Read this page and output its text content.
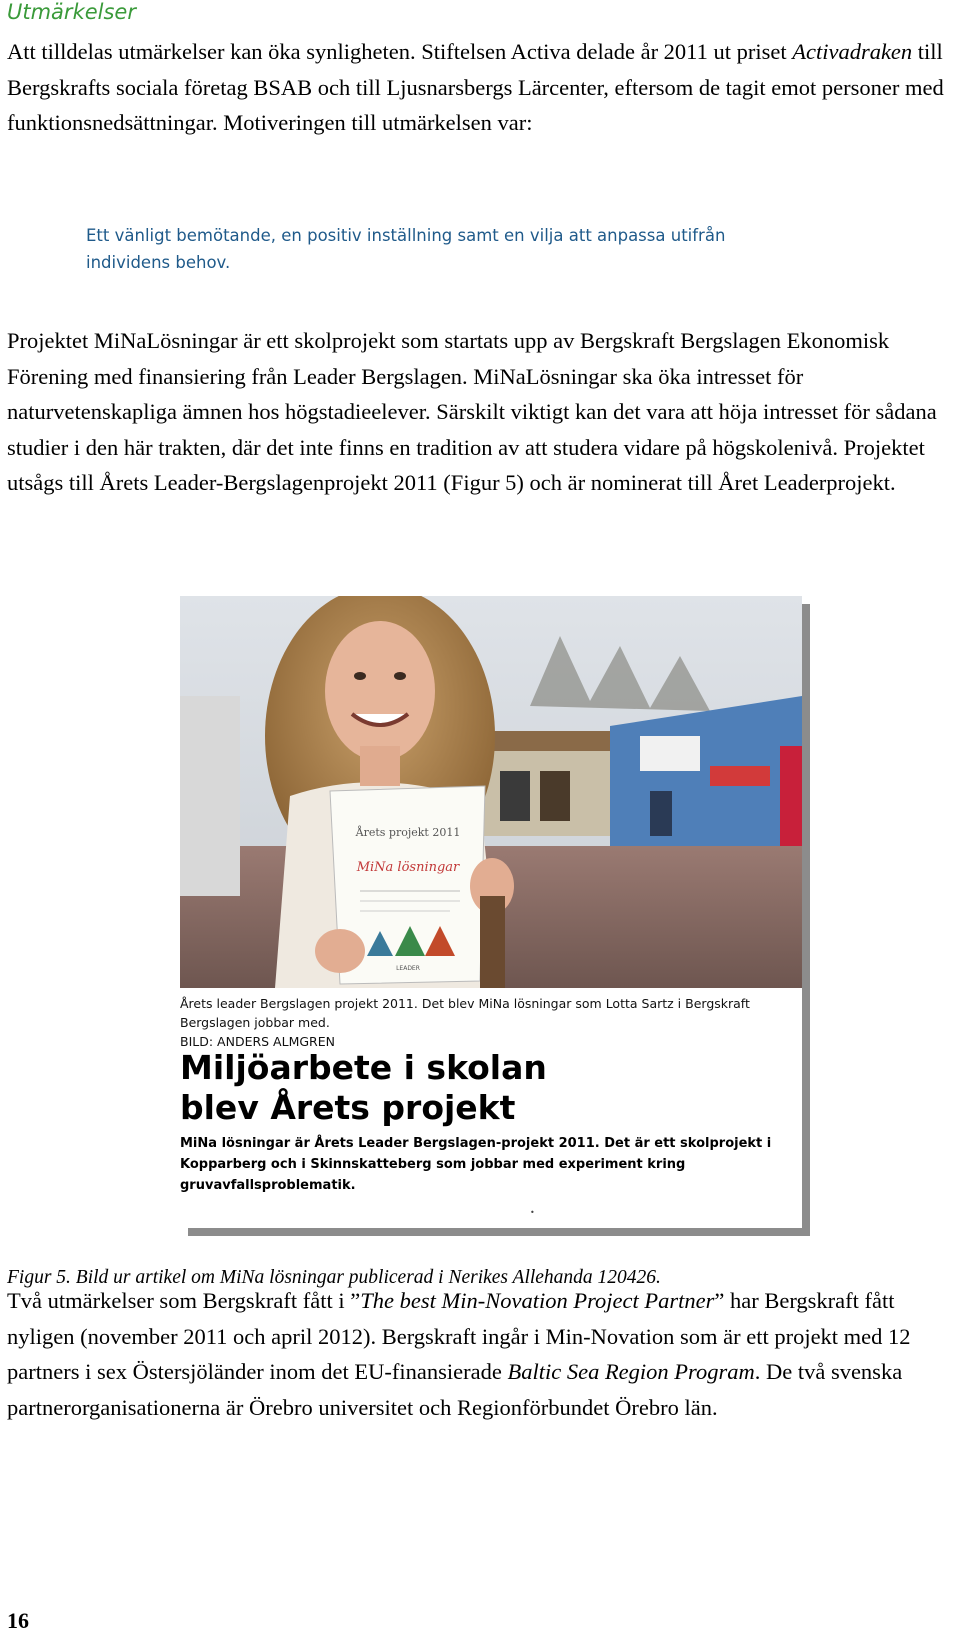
Utmärkelser

Att tilldelas utmärkelser kan öka synligheten. Stiftelsen Activa delade år 2011 ut priset Activadraken till Bergskrafts sociala företag BSAB och till Ljusnarsbergs Lärcenter, eftersom de tagit emot personer med funktionsnedsättningar. Motiveringen till utmärkelsen var:

Ett vänligt bemötande, en positiv inställning samt en vilja att anpassa utifrån individens behov.

Projektet MiNaLösningar är ett skolprojekt som startats upp av Bergskraft Bergslagen Ekonomisk Förening med finansiering från Leader Bergslagen. MiNaLösningar ska öka intresset för naturvetenskapliga ämnen hos högstadieelever. Särskilt viktigt kan det vara att höja intresset för sådana studier i den här trakten, där det inte finns en tradition av att studera vidare på högskolenivå. Projektet utsågs till Årets Leader-Bergslagenprojekt 2011 (Figur 5) och är nominerat till Året Leaderprojekt.

Årets projekt 2011
MiNa lösningar
LEADER

Årets leader Bergslagen projekt 2011. Det blev MiNa lösningar som Lotta Sartz i Bergskraft Bergslagen jobbar med.
BILD: ANDERS ALMGREN

Miljöarbete i skolan
blev Årets projekt

MiNa lösningar är Årets Leader Bergslagen-projekt 2011. Det är ett skolprojekt i Kopparberg och i Skinnskatteberg som jobbar med experiment kring gruvavfallsproblematik.

•

Figur 5. Bild ur artikel om MiNa lösningar publicerad i Nerikes Allehanda 120426.

Två utmärkelser som Bergskraft fått i ”The best Min-Novation Project Partner” har Bergskraft fått nyligen (november 2011 och april 2012). Bergskraft ingår i Min-Novation som är ett projekt med 12 partners i sex Östersjöländer inom det EU-finansierade Baltic Sea Region Program. De två svenska partnerorganisationerna är Örebro universitet och Regionförbundet Örebro län.

16
